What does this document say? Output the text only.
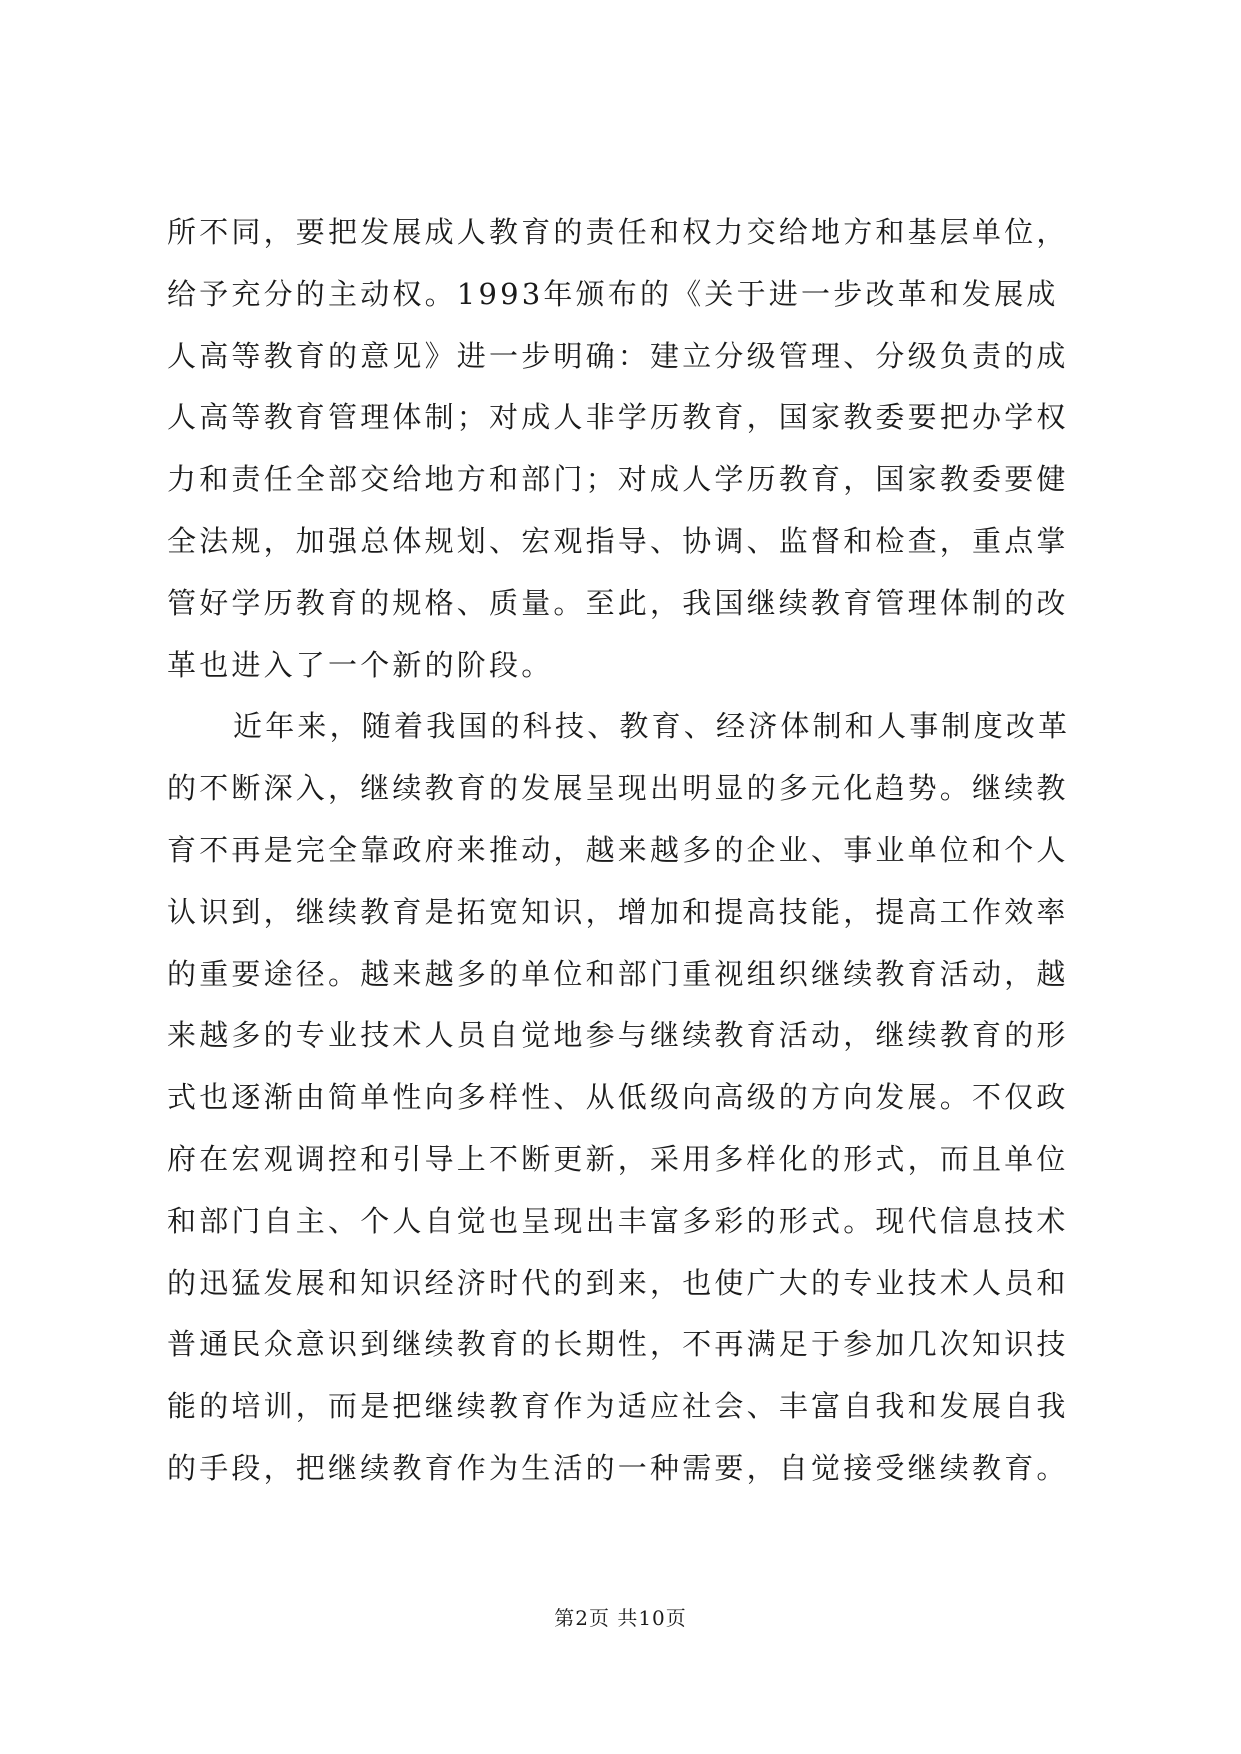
所不同，要把发展成人教育的责任和权力交给地方和基层单位，
给予充分的主动权。1993年颁布的《关于进一步改革和发展成
人高等教育的意见》进一步明确：建立分级管理、分级负责的成
人高等教育管理体制；对成人非学历教育，国家教委要把办学权
力和责任全部交给地方和部门；对成人学历教育，国家教委要健
全法规，加强总体规划、宏观指导、协调、监督和检查，重点掌
管好学历教育的规格、质量。至此，我国继续教育管理体制的改
革也进入了一个新的阶段。
近年来，随着我国的科技、教育、经济体制和人事制度改革
的不断深入，继续教育的发展呈现出明显的多元化趋势。继续教
育不再是完全靠政府来推动，越来越多的企业、事业单位和个人
认识到，继续教育是拓宽知识，增加和提高技能，提高工作效率
的重要途径。越来越多的单位和部门重视组织继续教育活动，越
来越多的专业技术人员自觉地参与继续教育活动，继续教育的形
式也逐渐由简单性向多样性、从低级向高级的方向发展。不仅政
府在宏观调控和引导上不断更新，采用多样化的形式，而且单位
和部门自主、个人自觉也呈现出丰富多彩的形式。现代信息技术
的迅猛发展和知识经济时代的到来，也使广大的专业技术人员和
普通民众意识到继续教育的长期性，不再满足于参加几次知识技
能的培训，而是把继续教育作为适应社会、丰富自我和发展自我
的手段，把继续教育作为生活的一种需要，自觉接受继续教育。
第2页 共10页
